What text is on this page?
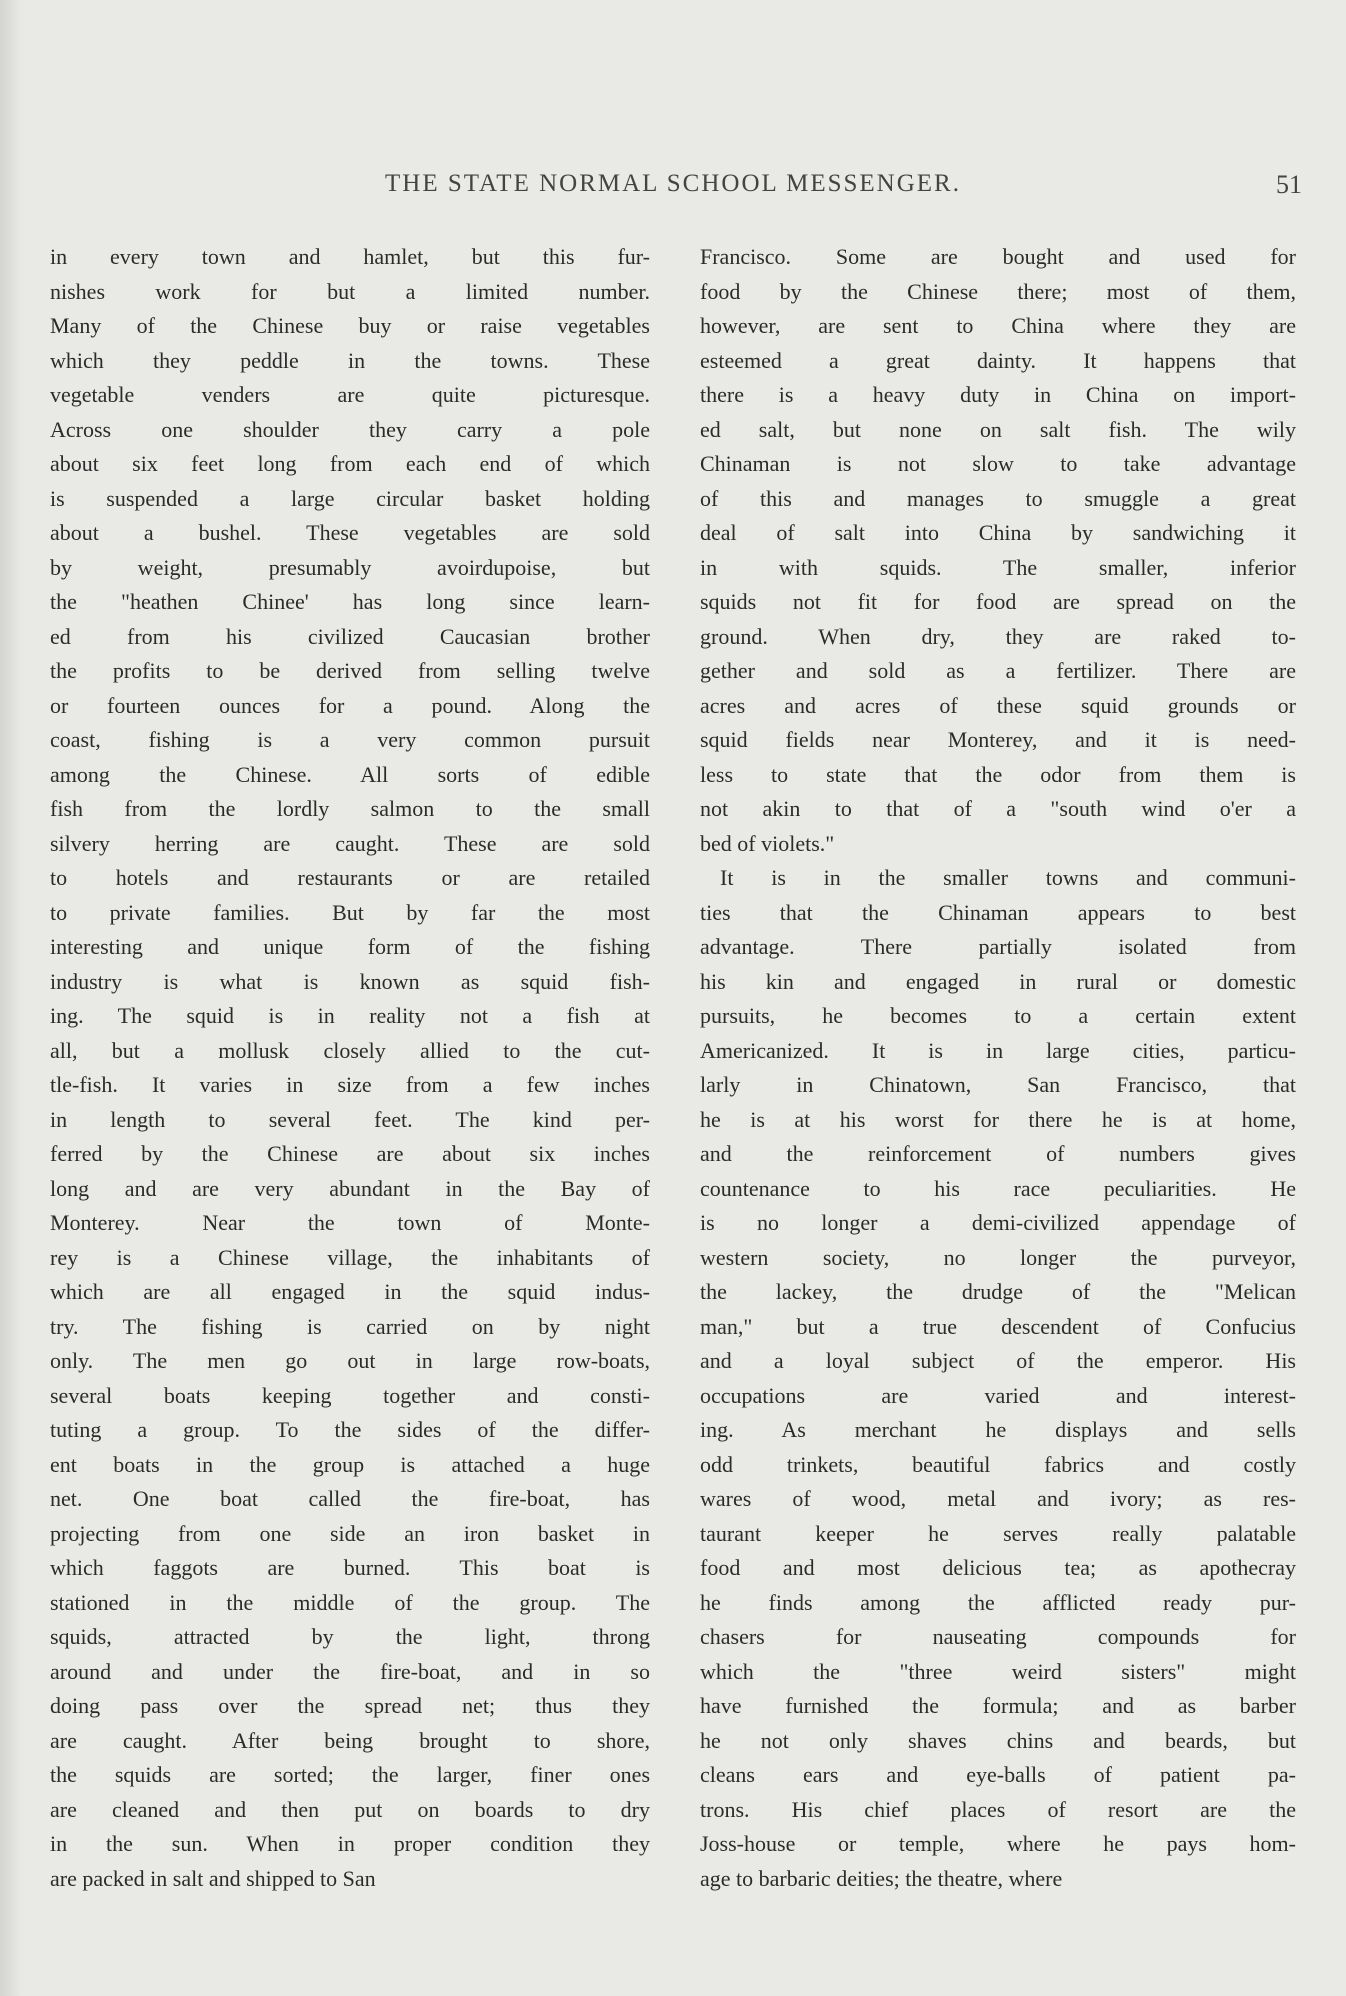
THE STATE NORMAL SCHOOL MESSENGER.	51
in every town and hamlet, but this fur-
nishes work for but a limited number.
Many of the Chinese buy or raise vegetables
which they peddle in the towns. These
vegetable venders are quite picturesque.
Across one shoulder they carry a pole
about six feet long from each end of which
is suspended a large circular basket holding
about a bushel. These vegetables are sold
by weight, presumably avoirdupoise, but
the "heathen Chinee' has long since learn-
ed from his civilized Caucasian brother
the profits to be derived from selling twelve
or fourteen ounces for a pound. Along the
coast, fishing is a very common pursuit
among the Chinese. All sorts of edible
fish from the lordly salmon to the small
silvery herring are caught. These are sold
to hotels and restaurants or are retailed
to private families. But by far the most
interesting and unique form of the fishing
industry is what is known as squid fish-
ing. The squid is in reality not a fish at
all, but a mollusk closely allied to the cut-
tle-fish. It varies in size from a few inches
in length to several feet. The kind per-
ferred by the Chinese are about six inches
long and are very abundant in the Bay of
Monterey. Near the town of Monte-
rey is a Chinese village, the inhabitants of
which are all engaged in the squid indus-
try. The fishing is carried on by night
only. The men go out in large row-boats,
several boats keeping together and consti-
tuting a group. To the sides of the differ-
ent boats in the group is attached a huge
net. One boat called the fire-boat, has
projecting from one side an iron basket in
which faggots are burned. This boat is
stationed in the middle of the group. The
squids, attracted by the light, throng
around and under the fire-boat, and in so
doing pass over the spread net; thus they
are caught. After being brought to shore,
the squids are sorted; the larger, finer ones
are cleaned and then put on boards to dry
in the sun. When in proper condition they
are packed in salt and shipped to San
Francisco. Some are bought and used for
food by the Chinese there; most of them,
however, are sent to China where they are
esteemed a great dainty. It happens that
there is a heavy duty in China on import-
ed salt, but none on salt fish. The wily
Chinaman is not slow to take advantage
of this and manages to smuggle a great
deal of salt into China by sandwiching it
in with squids. The smaller, inferior
squids not fit for food are spread on the
ground. When dry, they are raked to-
gether and sold as a fertilizer. There are
acres and acres of these squid grounds or
squid fields near Monterey, and it is need-
less to state that the odor from them is
not akin to that of a "south wind o'er a
bed of violets."
It is in the smaller towns and communi-
ties that the Chinaman appears to best
advantage. There partially isolated from
his kin and engaged in rural or domestic
pursuits, he becomes to a certain extent
Americanized. It is in large cities, particu-
larly in Chinatown, San Francisco, that
he is at his worst for there he is at home,
and the reinforcement of numbers gives
countenance to his race peculiarities. He
is no longer a demi-civilized appendage of
western society, no longer the purveyor,
the lackey, the drudge of the "Melican
man," but a true descendent of Confucius
and a loyal subject of the emperor. His
occupations are varied and interest-
ing. As merchant he displays and sells
odd trinkets, beautiful fabrics and costly
wares of wood, metal and ivory; as res-
taurant keeper he serves really palatable
food and most delicious tea; as apothecray
he finds among the afflicted ready pur-
chasers for nauseating compounds for
which the "three weird sisters" might
have furnished the formula; and as barber
he not only shaves chins and beards, but
cleans ears and eye-balls of patient pa-
trons. His chief places of resort are the
Joss-house or temple, where he pays hom-
age to barbaric deities; the theatre, where
